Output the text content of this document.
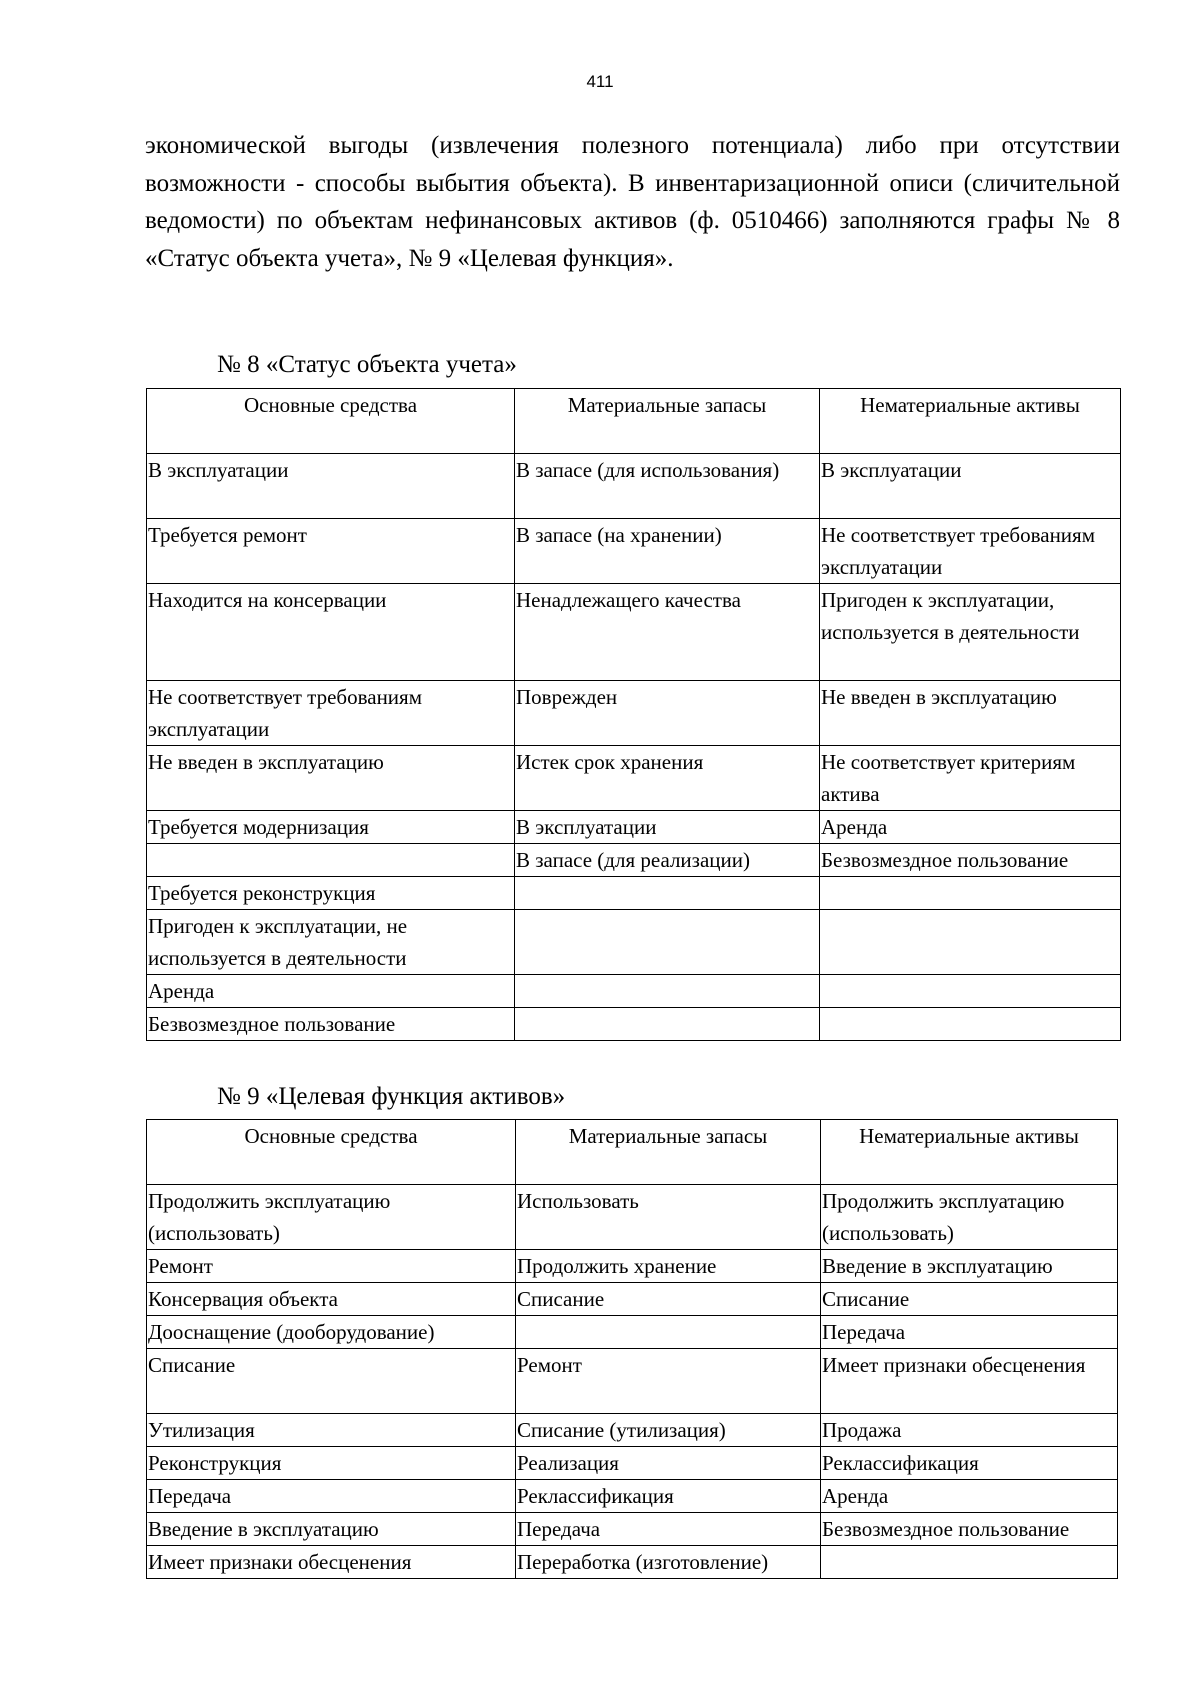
411

экономической выгоды (извлечения полезного потенциала) либо при отсутствии возможности - способы выбытия объекта). В инвентаризационной описи (сличительной ведомости) по объектам нефинансовых активов (ф. 0510466) заполняются графы № 8 «Статус объекта учета», № 9 «Целевая функция».

№ 8 «Статус объекта учета»
Основные средства	Материальные запасы	Нематериальные активы
В эксплуатации	В запасе (для использования)	В эксплуатации
Требуется ремонт	В запасе (на хранении)	Не соответствует требованиям эксплуатации
Находится на консервации	Ненадлежащего качества	Пригоден к эксплуатации, используется в деятельности
Не соответствует требованиям эксплуатации	Поврежден	Не введен в эксплуатацию
Не введен в эксплуатацию	Истек срок хранения	Не соответствует критериям актива
Требуется модернизация	В эксплуатации	Аренда
	В запасе (для реализации)	Безвозмездное пользование
Требуется реконструкция		
Пригоден к эксплуатации, не используется в деятельности		
Аренда		
Безвозмездное пользование		
№ 9 «Целевая функция активов»
Основные средства	Материальные запасы	Нематериальные активы
Продолжить эксплуатацию (использовать)	Использовать	Продолжить эксплуатацию (использовать)
Ремонт	Продолжить хранение	Введение в эксплуатацию
Консервация объекта	Списание	Списание
Дооснащение (дооборудование)		Передача
Списание	Ремонт	Имеет признаки обесценения
Утилизация	Списание (утилизация)	Продажа
Реконструкция	Реализация	Реклассификация
Передача	Реклассификация	Аренда
Введение в эксплуатацию	Передача	Безвозмездное пользование
Имеет признаки обесценения	Переработка (изготовление)	
